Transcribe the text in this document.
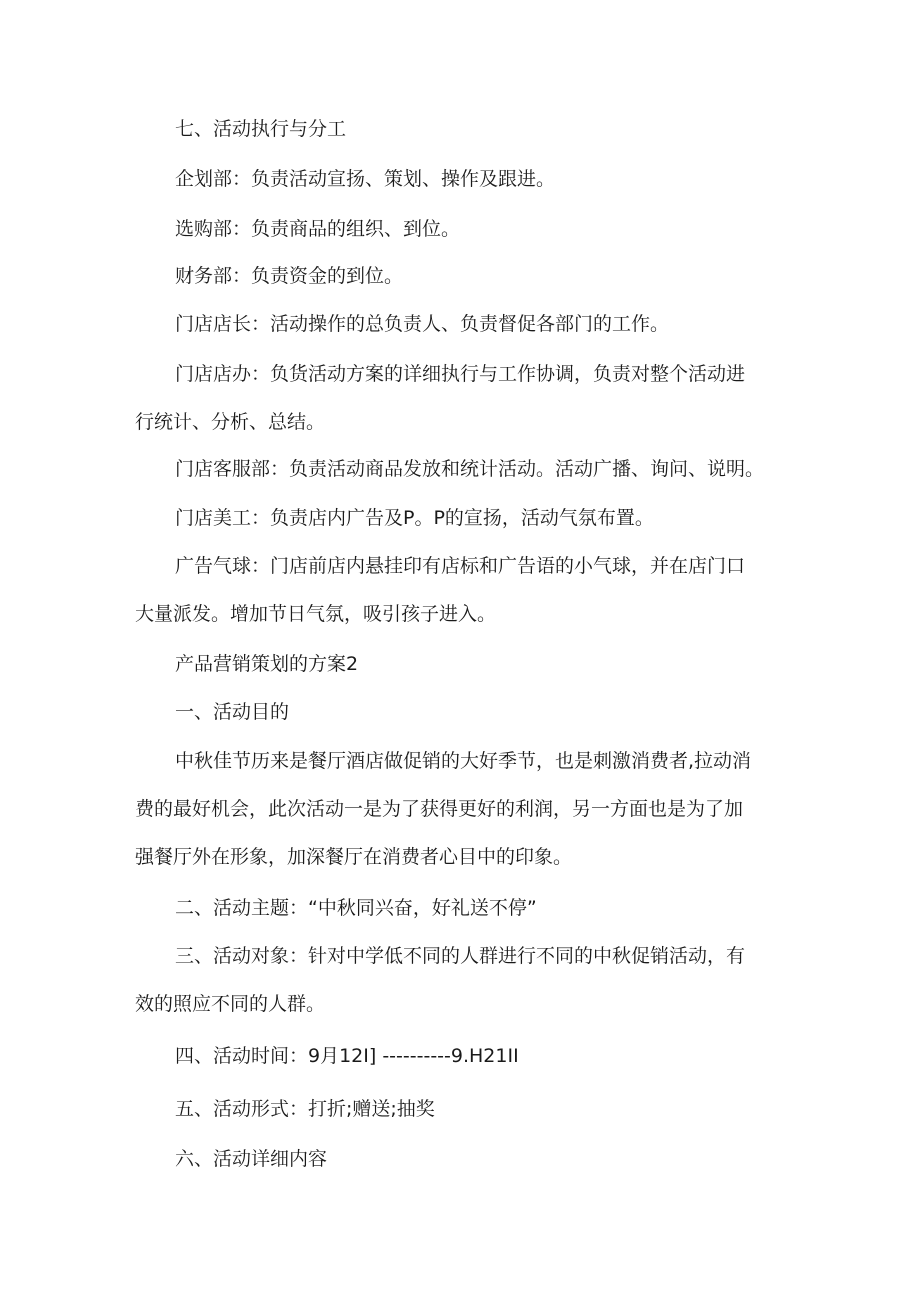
七、活动执行与分工

企划部：负责活动宣扬、策划、操作及跟进。

选购部：负责商品的组织、到位。

财务部：负责资金的到位。

门店店长：活动操作的总负责人、负责督促各部门的工作。

门店店办：负货活动方案的详细执行与工作协调，负责对整个活动进
行统计、分析、总结。

门店客服部：负责活动商品发放和统计活动。活动广播、询问、说明。

门店美工：负责店内广告及P。P的宣扬，活动气氛布置。

广告气球：门店前店内悬挂印有店标和广告语的小气球，并在店门口
大量派发。增加节日气氛，吸引孩子进入。

产品营销策划的方案2

一、活动目的

中秋佳节历来是餐厅酒店做促销的大好季节，也是刺激消费者,拉动消
费的最好机会，此次活动一是为了获得更好的利润，另一方面也是为了加
强餐厅外在形象，加深餐厅在消费者心目中的印象。

二、活动主题：“中秋同兴奋，好礼送不停”

三、活动对象：针对中学低不同的人群进行不同的中秋促销活动，有
效的照应不同的人群。

四、活动时间：9月12I] ----------9.H21II

五、活动形式：打折;赠送;抽奖

六、活动详细内容
